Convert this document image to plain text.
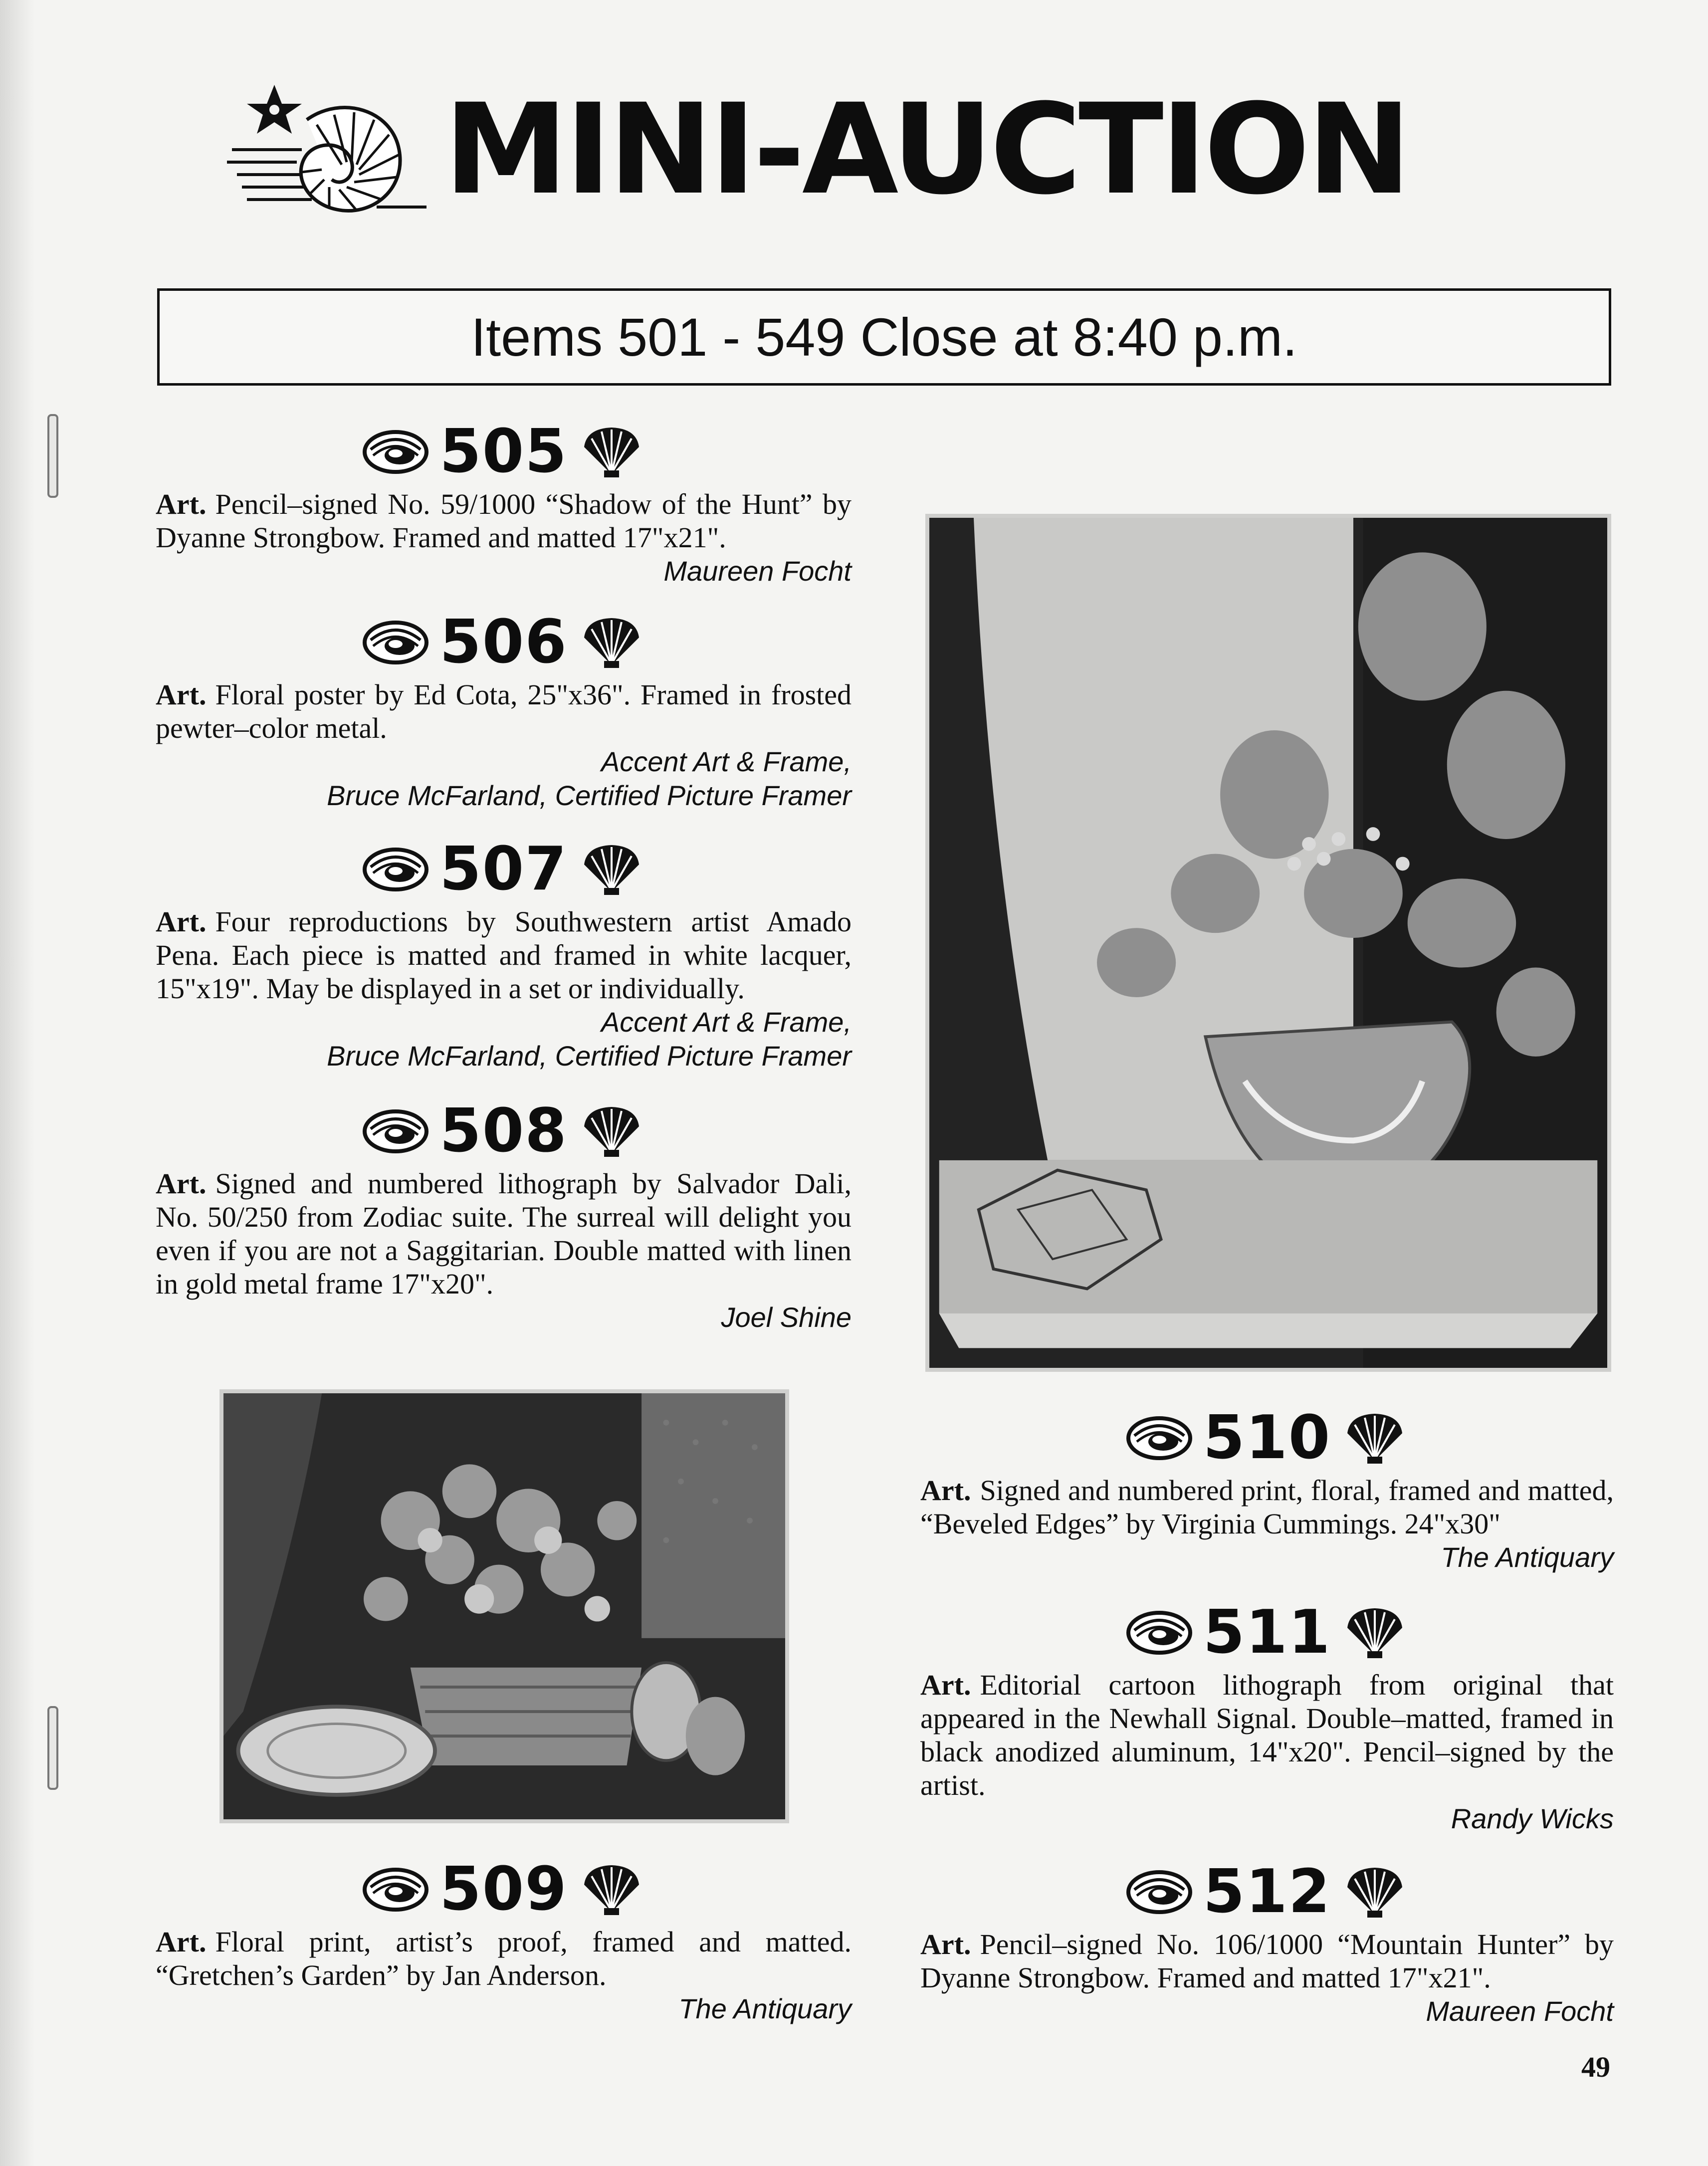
MINI-AUCTION
Items 501 - 549 Close at 8:40 p.m.
505

Art. Pencil–signed No. 59/1000 “Shadow of the Hunt” by Dyanne Strongbow. Framed and matted 17"x21".

Maureen Focht

506

Art. Floral poster by Ed Cota, 25"x36". Framed in frosted pewter–color metal.

Accent Art & Frame,

Bruce McFarland, Certified Picture Framer

507

Art. Four reproductions by Southwestern artist Amado Pena. Each piece is matted and framed in white lacquer, 15"x19". May be displayed in a set or individually.

Accent Art & Frame,

Bruce McFarland, Certified Picture Framer

508

Art. Signed and numbered lithograph by Salvador Dali, No. 50/250 from Zodiac suite. The surreal will delight you even if you are not a Saggitarian. Double matted with linen in gold metal frame 17"x20".

Joel Shine

509

Art. Floral print, artist’s proof, framed and matted. “Gretchen’s Garden” by Jan Anderson.

The Antiquary

510

Art. Signed and numbered print, floral, framed and matted, “Beveled Edges” by Virginia Cummings. 24"x30"

The Antiquary

511

Art. Editorial cartoon lithograph from original that appeared in the Newhall Signal. Double–matted, framed in black anodized aluminum, 14"x20". Pencil–signed by the artist.

Randy Wicks

512

Art. Pencil–signed No. 106/1000 “Mountain Hunter” by Dyanne Strongbow. Framed and matted 17"x21".

Maureen Focht

49
